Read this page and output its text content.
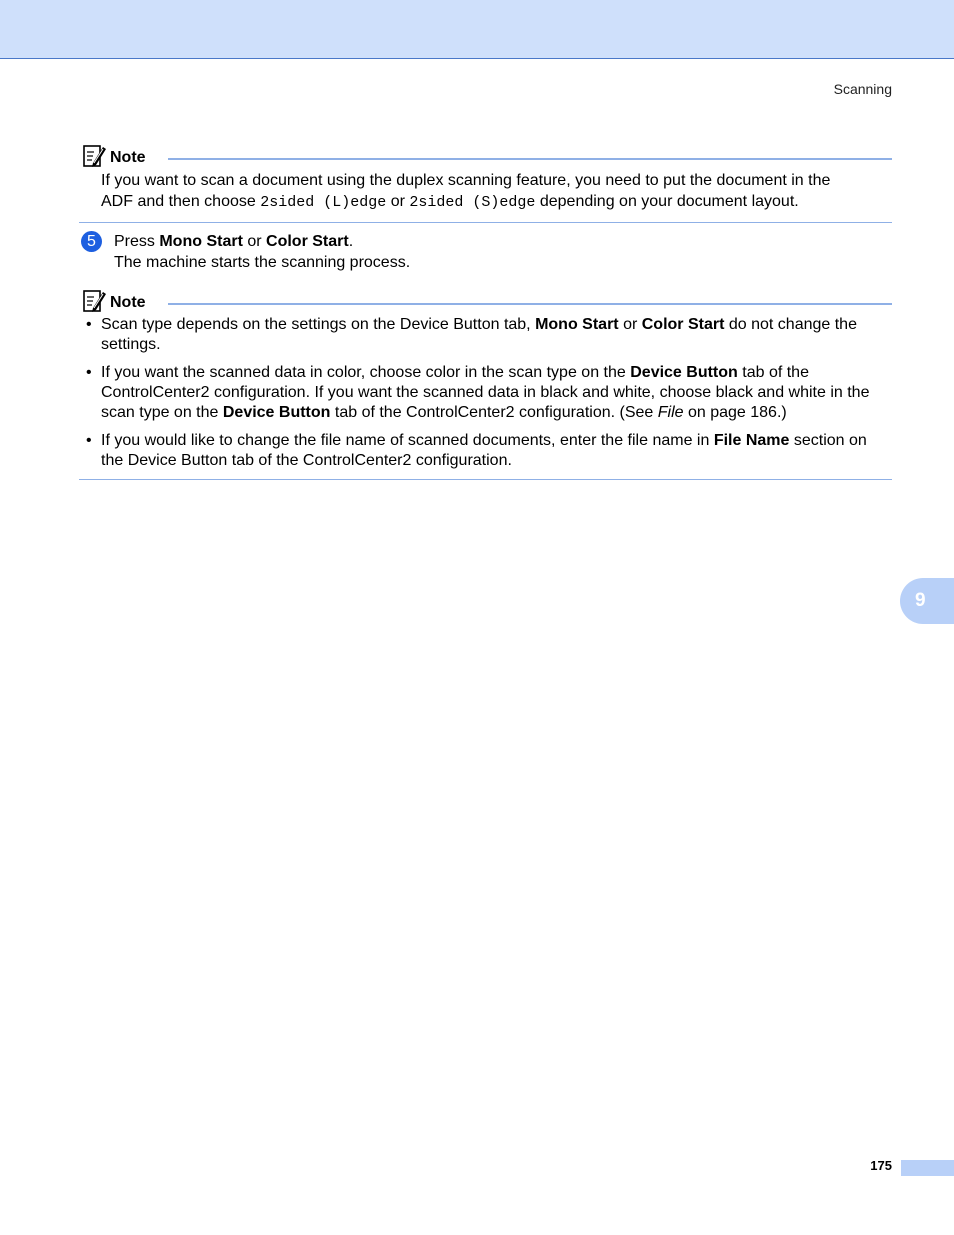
Scanning
Note

If you want to scan a document using the duplex scanning feature, you need to put the document in the

ADF and then choose 2sided (L)edge or 2sided (S)edge depending on your document layout.

5	Press Mono Start or Color Start.

The machine starts the scanning process.

Note
• Scan type depends on the settings on the Device Button tab, Mono Start or Color Start do not change the settings.
• If you want the scanned data in color, choose color in the scan type on the Device Button tab of the ControlCenter2 configuration. If you want the scanned data in black and white, choose black and white in the scan type on the Device Button tab of the ControlCenter2 configuration. (See File on page 186.)
• If you would like to change the file name of scanned documents, enter the file name in File Name section on the Device Button tab of the ControlCenter2 configuration.
9
175
